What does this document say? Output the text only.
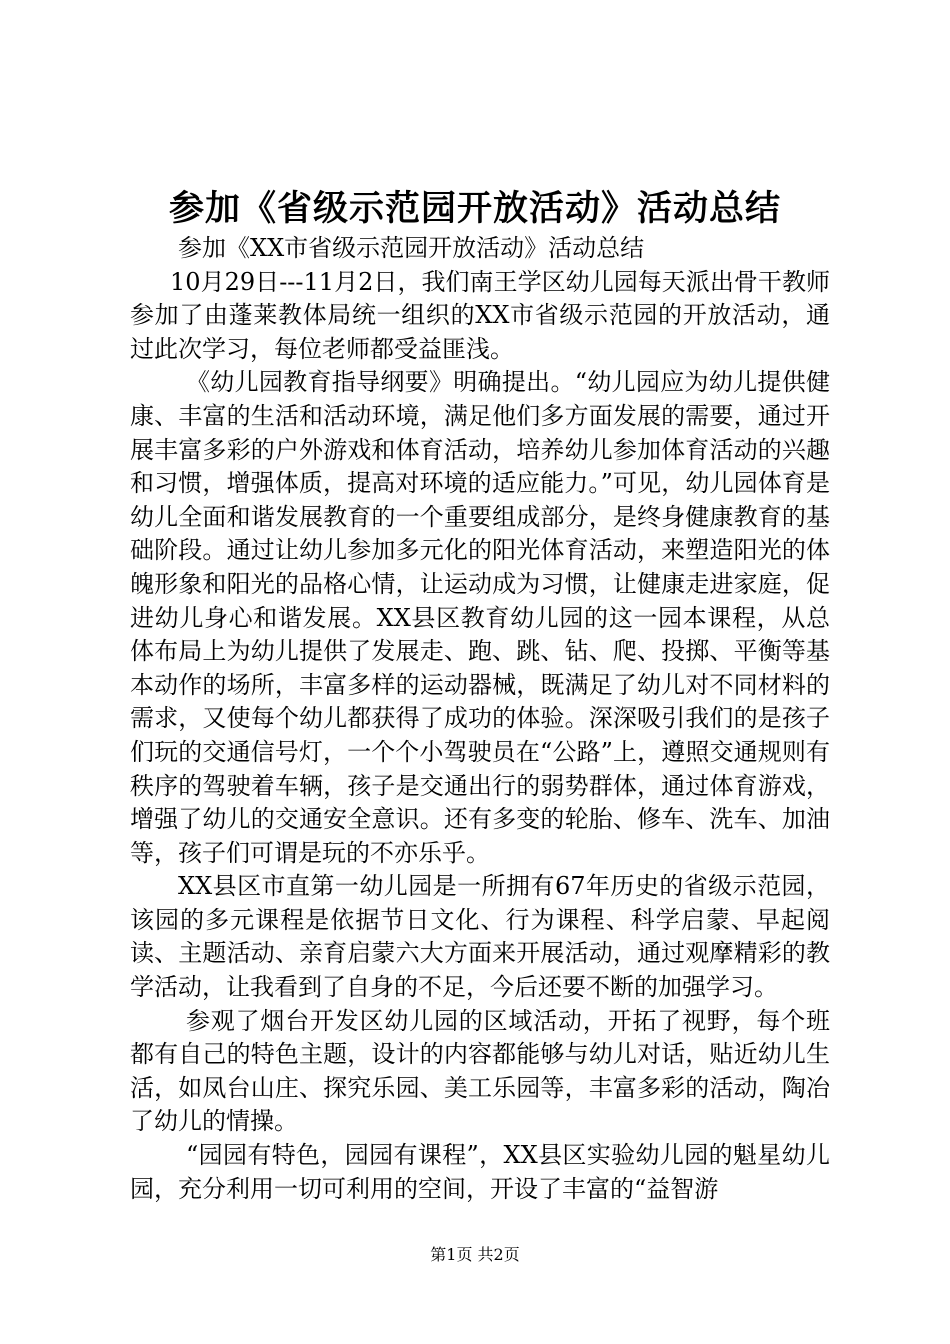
参加《省级示范园开放活动》活动总结

参加《XX市省级示范园开放活动》活动总结

10月29日---11月2日，我们南王学区幼儿园每天派出骨干教师参加了由蓬莱教体局统一组织的XX市省级示范园的开放活动，通过此次学习，每位老师都受益匪浅。

《幼儿园教育指导纲要》明确提出。“幼儿园应为幼儿提供健康、丰富的生活和活动环境，满足他们多方面发展的需要，通过开展丰富多彩的户外游戏和体育活动，培养幼儿参加体育活动的兴趣和习惯，增强体质，提高对环境的适应能力。”可见，幼儿园体育是幼儿全面和谐发展教育的一个重要组成部分，是终身健康教育的基础阶段。通过让幼儿参加多元化的阳光体育活动，来塑造阳光的体魄形象和阳光的品格心情，让运动成为习惯，让健康走进家庭，促进幼儿身心和谐发展。XX县区教育幼儿园的这一园本课程，从总体布局上为幼儿提供了发展走、跑、跳、钻、爬、投掷、平衡等基本动作的场所，丰富多样的运动器械，既满足了幼儿对不同材料的需求，又使每个幼儿都获得了成功的体验。深深吸引我们的是孩子们玩的交通信号灯，一个个小驾驶员在“公路”上，遵照交通规则有秩序的驾驶着车辆，孩子是交通出行的弱势群体，通过体育游戏，增强了幼儿的交通安全意识。还有多变的轮胎、修车、洗车、加油等，孩子们可谓是玩的不亦乐乎。

XX县区市直第一幼儿园是一所拥有67年历史的省级示范园，该园的多元课程是依据节日文化、行为课程、科学启蒙、早起阅读、主题活动、亲育启蒙六大方面来开展活动，通过观摩精彩的教学活动，让我看到了自身的不足，今后还要不断的加强学习。

参观了烟台开发区幼儿园的区域活动，开拓了视野，每个班都有自己的特色主题，设计的内容都能够与幼儿对话，贴近幼儿生活，如凤台山庄、探究乐园、美工乐园等，丰富多彩的活动，陶冶了幼儿的情操。

“园园有特色，园园有课程”，XX县区实验幼儿园的魁星幼儿园，充分利用一切可利用的空间，开设了丰富的“益智游

第1页 共2页
